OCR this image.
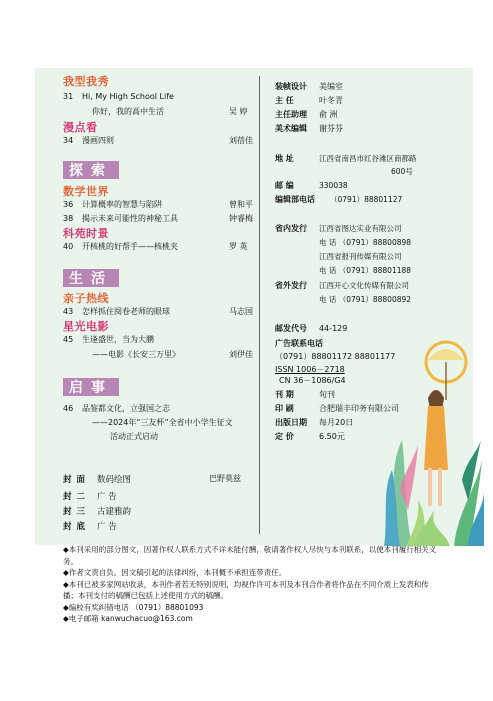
我型我秀
31 Hi, My High School Life
你好，我的高中生活	吴 婷
漫点看
34 漫画四则	刘蓓佳
探索
数学世界
36 计算概率的智慧与陷阱	曾和平
38 揭示未来可能性的神秘工具	钟睿梅
科苑时景
40 开核桃的好帮手——核桃夹	罗 英
生活
亲子热线
43 怎样抓住阅卷老师的眼球	马志国
星光电影
45 生逢盛世，当为大鹏
——电影《长安三万里》	刘伊佳
启事
46 品鉴都文化，立强国之志
——2024年“三友杯”全省中小学生征文
活动正式启动
封 面 数码绘图	巴野莫兹
封 二 广 告
封 三 古建雅韵
封 底 广 告
装帧设计 美编室
主 任	叶冬青
主任助理 俞 洲
美术编辑 谢芬芬
地 址	江西省南昌市红谷滩区商都路
600号
邮 编	330038
编辑部电话 （0791）88801127
省内发行 江西省图达实业有限公司
电 话 （0791）88800898
江西省报刊传媒有限公司
电 话 （0791）88801188
省外发行 江西开心文化传媒有限公司
电 话 （0791）88800892
邮发代号 44-129
广告联系电话
（0791）88801172 88801177
ISSN 1006－2718
CN 36－1086/G4
刊 期	旬刊
印 刷	合肥瑞丰印务有限公司
出版日期 每月20日
定 价	6.50元

◆本刊采用的部分图文，因著作权人联系方式不详未能付酬，敬请著作权人尽快与本刊联系，以便本刊履行相关义务。

◆作者文责自负。因文稿引起的法律纠纷，本刊概不承担连带责任。

◆本刊已被多家网站收录，本刊作者若无特别说明，均视作许可本刊及本刊合作者将作品在不同介质上发表和传播；本刊支付的稿酬已包括上述使用方式的稿酬。

◆编校有奖纠错电话 （0791）88801093

◆电子邮箱 kanwuchacuo@163.com
